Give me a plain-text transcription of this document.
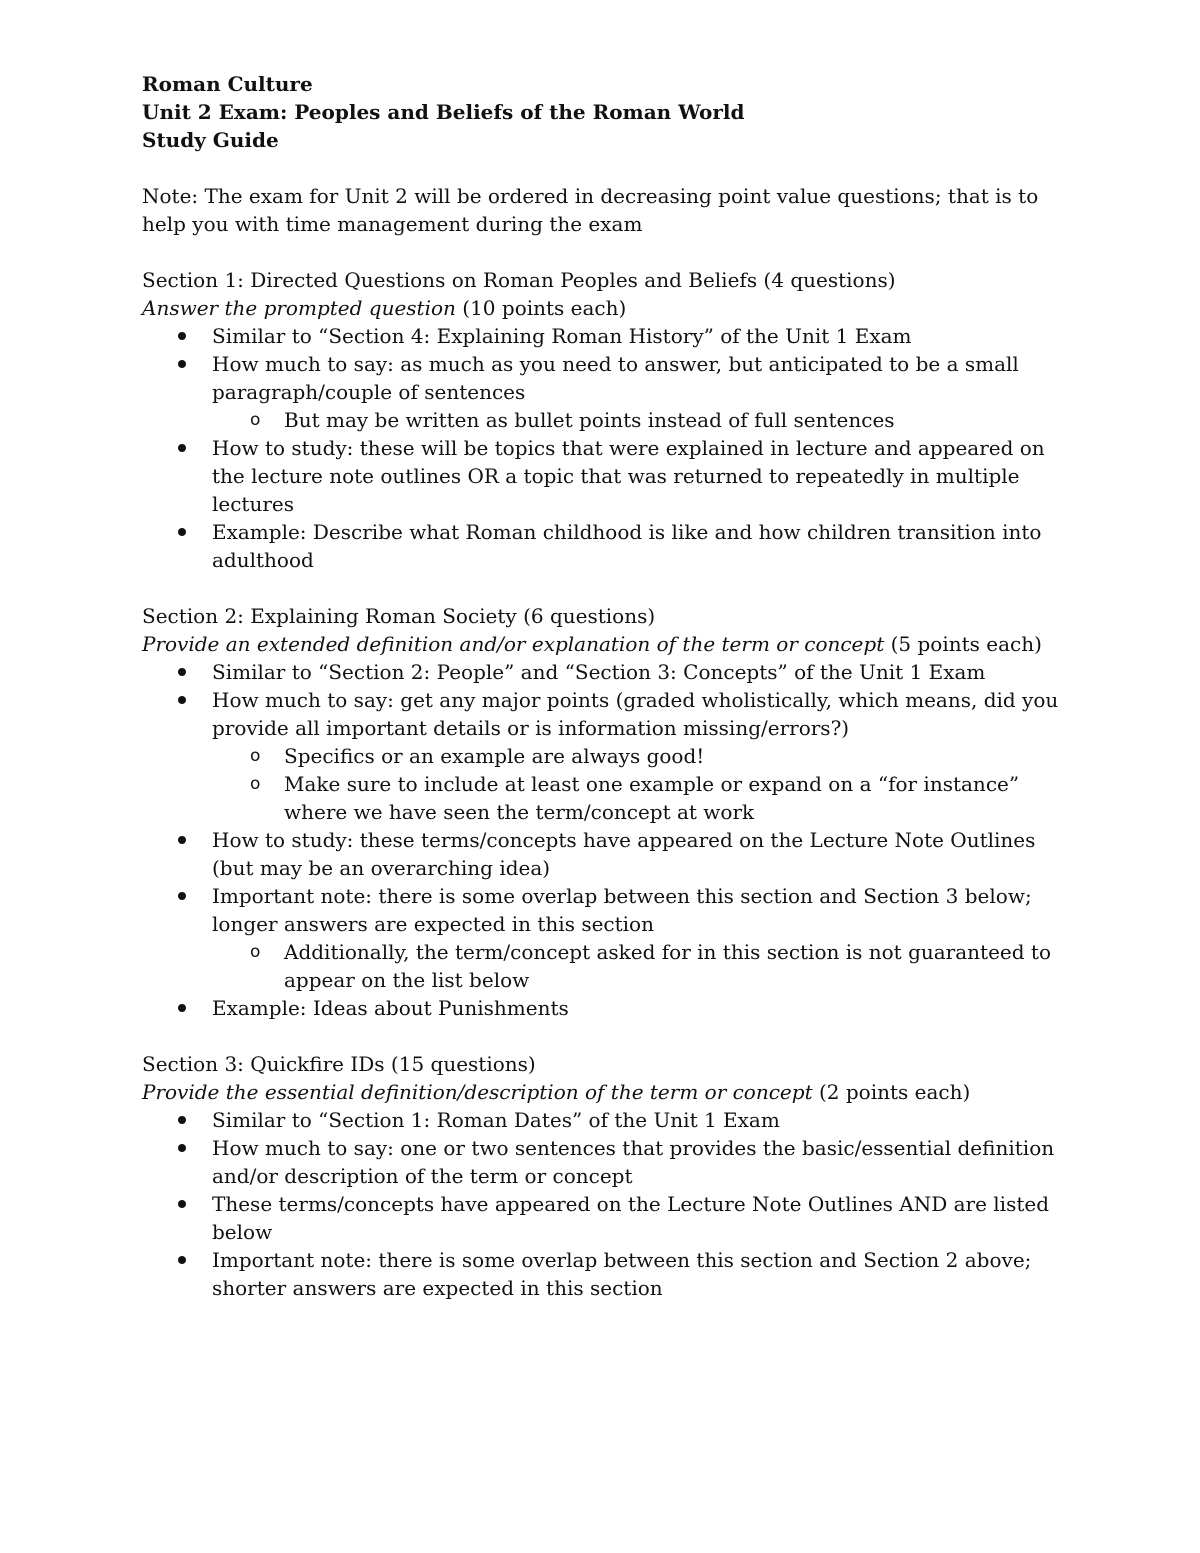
Roman Culture

Unit 2 Exam: Peoples and Beliefs of the Roman World

Study Guide

Note: The exam for Unit 2 will be ordered in decreasing point value questions; that is to help you with time management during the exam

Section 1: Directed Questions on Roman Peoples and Beliefs (4 questions)

Answer the prompted question (10 points each)

Similar to “Section 4: Explaining Roman History” of the Unit 1 Exam
How much to say: as much as you need to answer, but anticipated to be a small paragraph/couple of sentences
o But may be written as bullet points instead of full sentences
How to study: these will be topics that were explained in lecture and appeared on the lecture note outlines OR a topic that was returned to repeatedly in multiple lectures
Example: Describe what Roman childhood is like and how children transition into adulthood

Section 2: Explaining Roman Society (6 questions)

Provide an extended definition and/or explanation of the term or concept (5 points each)

Similar to “Section 2: People” and “Section 3: Concepts” of the Unit 1 Exam
How much to say: get any major points (graded wholistically, which means, did you provide all important details or is information missing/errors?)
o Specifics or an example are always good!
o Make sure to include at least one example or expand on a “for instance” where we have seen the term/concept at work
How to study: these terms/concepts have appeared on the Lecture Note Outlines (but may be an overarching idea)
Important note: there is some overlap between this section and Section 3 below; longer answers are expected in this section
o Additionally, the term/concept asked for in this section is not guaranteed to appear on the list below
Example: Ideas about Punishments

Section 3: Quickfire IDs (15 questions)

Provide the essential definition/description of the term or concept (2 points each)

Similar to “Section 1: Roman Dates” of the Unit 1 Exam
How much to say: one or two sentences that provides the basic/essential definition and/or description of the term or concept
These terms/concepts have appeared on the Lecture Note Outlines AND are listed below
Important note: there is some overlap between this section and Section 2 above; shorter answers are expected in this section
